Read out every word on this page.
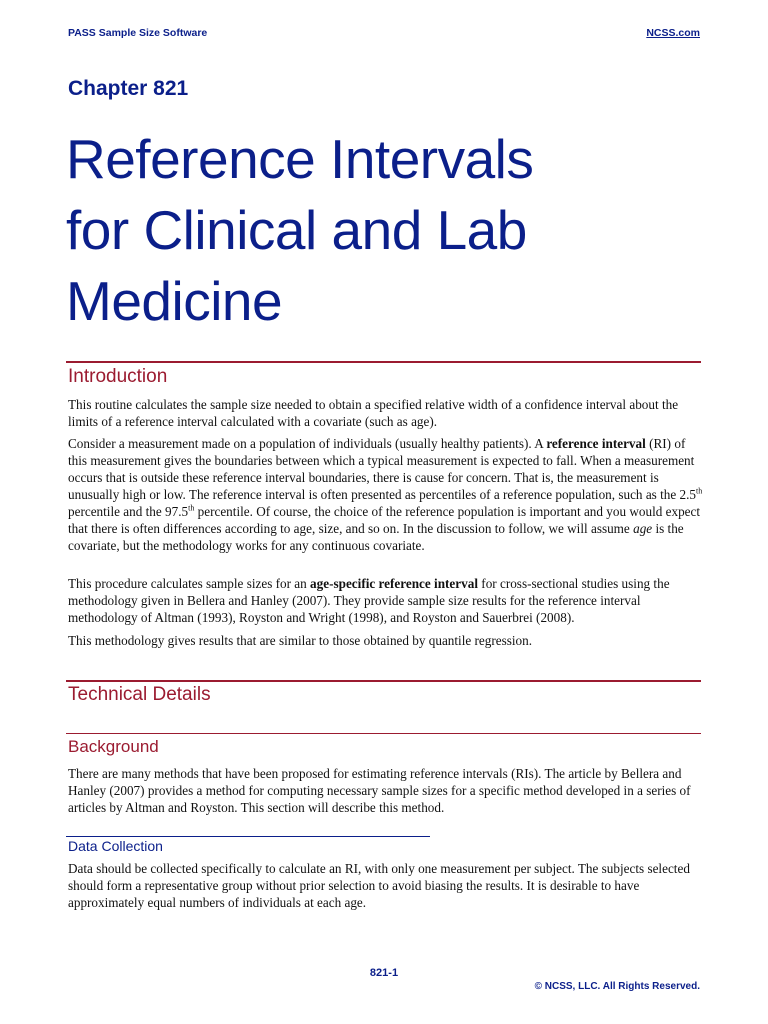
PASS Sample Size Software	NCSS.com
Chapter 821
Reference Intervals
for Clinical and Lab
Medicine
Introduction

This routine calculates the sample size needed to obtain a specified relative width of a confidence interval about the limits of a reference interval calculated with a covariate (such as age).

Consider a measurement made on a population of individuals (usually healthy patients). A reference interval (RI) of this measurement gives the boundaries between which a typical measurement is expected to fall. When a measurement occurs that is outside these reference interval boundaries, there is cause for concern. That is, the measurement is unusually high or low. The reference interval is often presented as percentiles of a reference population, such as the 2.5th percentile and the 97.5th percentile. Of course, the choice of the reference population is important and you would expect that there is often differences according to age, size, and so on. In the discussion to follow, we will assume age is the covariate, but the methodology works for any continuous covariate.

This procedure calculates sample sizes for an age-specific reference interval for cross-sectional studies using the methodology given in Bellera and Hanley (2007). They provide sample size results for the reference interval methodology of Altman (1993), Royston and Wright (1998), and Royston and Sauerbrei (2008).

This methodology gives results that are similar to those obtained by quantile regression.

Technical Details
Background

There are many methods that have been proposed for estimating reference intervals (RIs). The article by Bellera and Hanley (2007) provides a method for computing necessary sample sizes for a specific method developed in a series of articles by Altman and Royston. This section will describe this method.

Data Collection

Data should be collected specifically to calculate an RI, with only one measurement per subject. The subjects selected should form a representative group without prior selection to avoid biasing the results. It is desirable to have approximately equal numbers of individuals at each age.

821-1
© NCSS, LLC. All Rights Reserved.
